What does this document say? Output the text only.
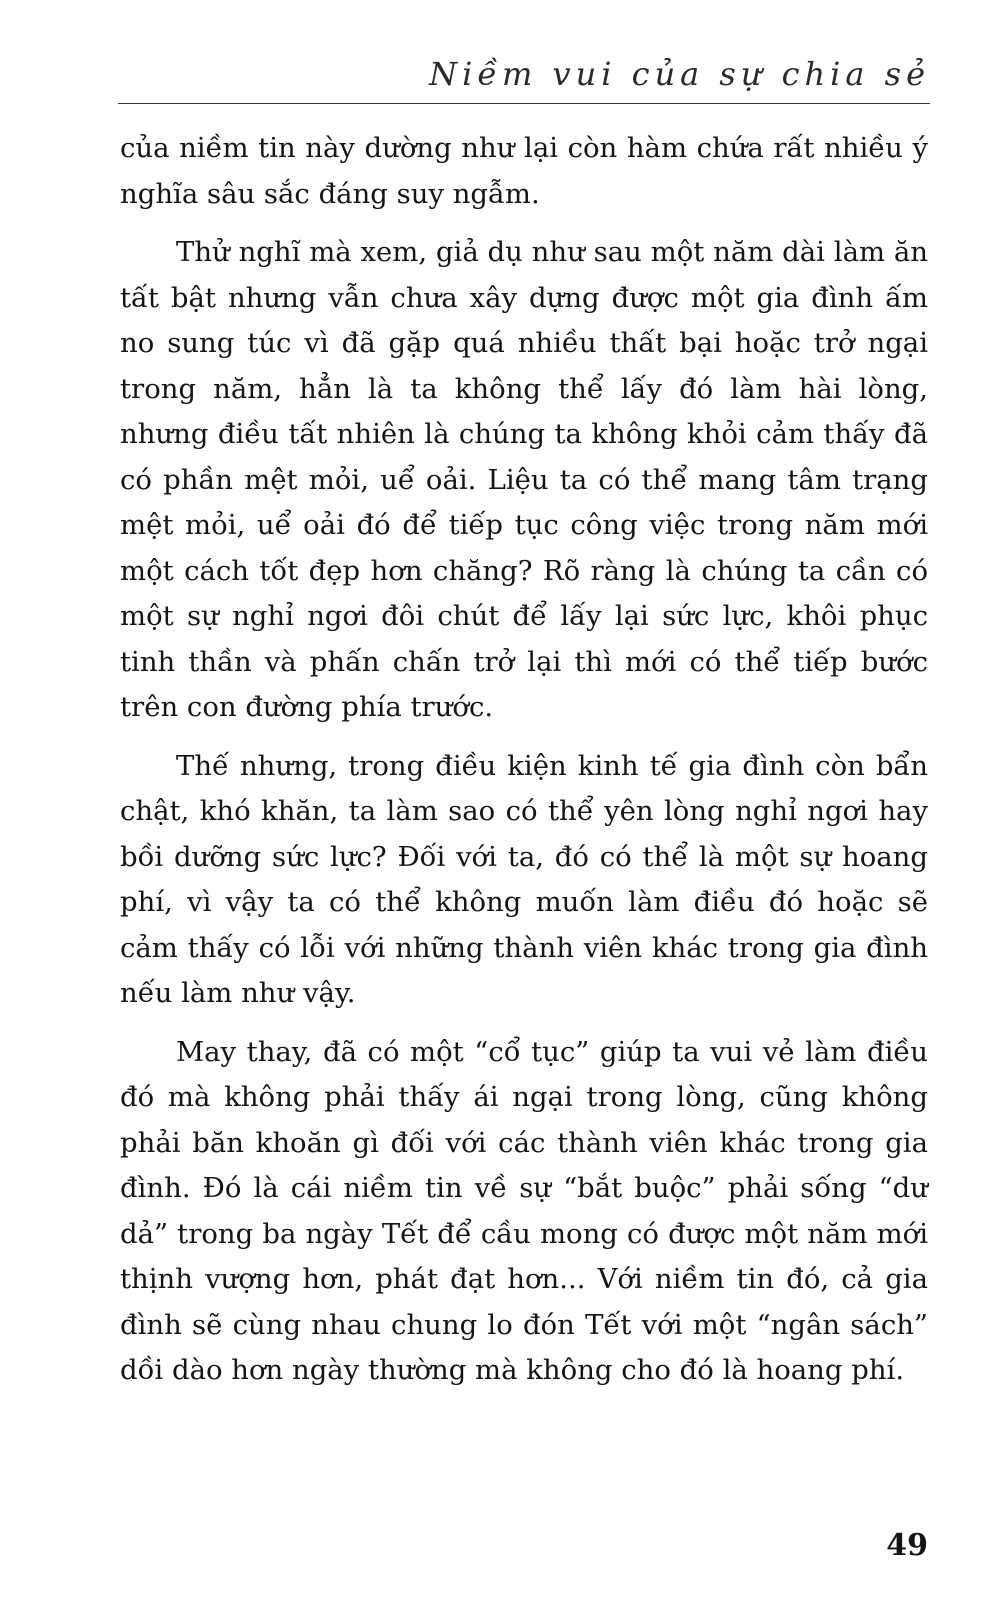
Niềm vui của sự chia sẻ

của niềm tin này dường như lại còn hàm chứa rất nhiều ý nghĩa sâu sắc đáng suy ngẫm.

Thử nghĩ mà xem, giả dụ như sau một năm dài làm ăn tất bật nhưng vẫn chưa xây dựng được một gia đình ấm no sung túc vì đã gặp quá nhiều thất bại hoặc trở ngại trong năm, hẳn là ta không thể lấy đó làm hài lòng, nhưng điều tất nhiên là chúng ta không khỏi cảm thấy đã có phần mệt mỏi, uể oải. Liệu ta có thể mang tâm trạng mệt mỏi, uể oải đó để tiếp tục công việc trong năm mới một cách tốt đẹp hơn chăng? Rõ ràng là chúng ta cần có một sự nghỉ ngơi đôi chút để lấy lại sức lực, khôi phục tinh thần và phấn chấn trở lại thì mới có thể tiếp bước trên con đường phía trước.

Thế nhưng, trong điều kiện kinh tế gia đình còn bẩn chật, khó khăn, ta làm sao có thể yên lòng nghỉ ngơi hay bồi dưỡng sức lực? Đối với ta, đó có thể là một sự hoang phí, vì vậy ta có thể không muốn làm điều đó hoặc sẽ cảm thấy có lỗi với những thành viên khác trong gia đình nếu làm như vậy.

May thay, đã có một “cổ tục” giúp ta vui vẻ làm điều đó mà không phải thấy ái ngại trong lòng, cũng không phải băn khoăn gì đối với các thành viên khác trong gia đình. Đó là cái niềm tin về sự “bắt buộc” phải sống “dư dả” trong ba ngày Tết để cầu mong có được một năm mới thịnh vượng hơn, phát đạt hơn... Với niềm tin đó, cả gia đình sẽ cùng nhau chung lo đón Tết với một “ngân sách” dồi dào hơn ngày thường mà không cho đó là hoang phí.

49
